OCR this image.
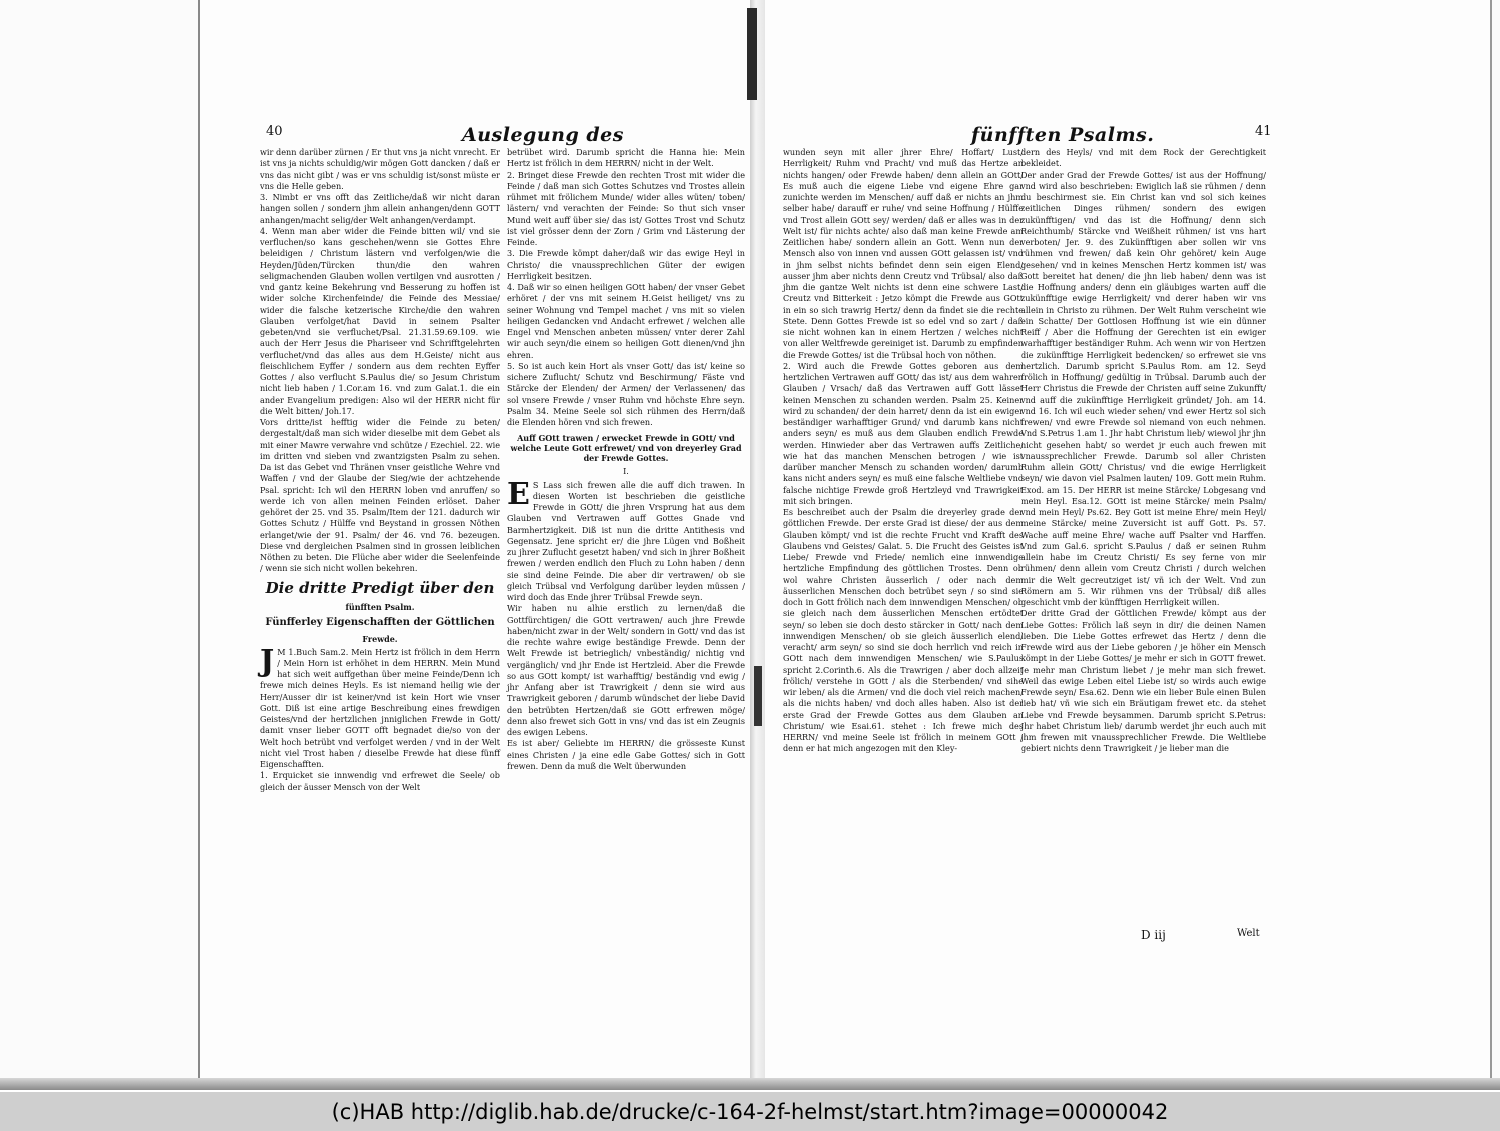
40	Auslegung des

wir denn darüber zürnen / Er thut vns ja nicht vnrecht. Er ist vns ja nichts schuldig/wir mögen Gott dancken / daß er vns das nicht gibt / was er vns schuldig ist/sonst müste er vns die Helle geben.

3. Nimbt er vns offt das Zeitliche/daß wir nicht daran hangen sollen / sondern jhm allein anhangen/denn GOTT anhangen/macht selig/der Welt anhangen/verdampt.

4. Wenn man aber wider die Feinde bitten wil/ vnd sie verfluchen/so kans geschehen/wenn sie Gottes Ehre beleidigen / Christum lästern vnd verfolgen/wie die Heyden/Jüden/Türcken thun/die den wahren seligmachenden Glauben wollen vertilgen vnd ausrotten / vnd gantz keine Bekehrung vnd Besserung zu hoffen ist wider solche Kirchenfeinde/ die Feinde des Messiae/ wider die falsche ketzerische Kirche/die den wahren Glauben verfolget/hat David in seinem Psalter gebeten/vnd sie verfluchet/Psal. 21.31.59.69.109. wie auch der Herr Jesus die Phariseer vnd Schrifftgelehrten verfluchet/vnd das alles aus dem H.Geiste/ nicht aus fleischlichem Eyffer / sondern aus dem rechten Eyffer Gottes / also verflucht S.Paulus die/ so Jesum Christum nicht lieb haben / 1.Cor.am 16. vnd zum Galat.1. die ein ander Evangelium predigen: Also wil der HERR nicht für die Welt bitten/ Joh.17.

Vors dritte/ist hefftig wider die Feinde zu beten/ dergestalt/daß man sich wider dieselbe mit dem Gebet als mit einer Mawre verwahre vnd schütze / Ezechiel. 22. wie im dritten vnd sieben vnd zwantzigsten Psalm zu sehen. Da ist das Gebet vnd Thränen vnser geistliche Wehre vnd Waffen / vnd der Glaube der Sieg/wie der achtzehende Psal. spricht: Ich wil den HERRN loben vnd anruffen/ so werde ich von allen meinen Feinden erlöset. Daher gehöret der 25. vnd 35. Psalm/Item der 121. dadurch wir Gottes Schutz / Hülffe vnd Beystand in grossen Nöthen erlanget/wie der 91. Psalm/ der 46. vnd 76. bezeugen. Diese vnd dergleichen Psalmen sind in grossen leiblichen Nöthen zu beten. Die Flüche aber wider die Seelenfeinde / wenn sie sich nicht wollen bekehren.

Die dritte Predigt über den
fünfften Psalm.
Fünfferley Eigenschafften der Göttlichen
Frewde.
J M 1.Buch Sam.2. Mein Hertz ist frölich in dem Herrn / Mein Horn ist erhöhet in dem HERRN. Mein Mund hat sich weit auffgethan über meine Feinde/Denn ich frewe mich deines Heyls. Es ist niemand heilig wie der Herr/Ausser dir ist keiner/vnd ist kein Hort wie vnser Gott. Diß ist eine artige Beschreibung eines frewdigen Geistes/vnd der hertzlichen jnniglichen Frewde in Gott/ damit vnser lieber GOTT offt begnadet die/so von der Welt hoch betrübt vnd verfolget werden / vnd in der Welt nicht viel Trost haben / dieselbe Frewde hat diese fünff Eigenschafften.

1. Erquicket sie innwendig vnd erfrewet die Seele/ ob gleich der äusser Mensch von der Welt

betrübet wird. Darumb spricht die Hanna hie: Mein Hertz ist frölich in dem HERRN/ nicht in der Welt.

2. Bringet diese Frewde den rechten Trost mit wider die Feinde / daß man sich Gottes Schutzes vnd Trostes allein rühmet mit frölichem Munde/ wider alles wüten/ toben/ lästern/ vnd verachten der Feinde: So thut sich vnser Mund weit auff über sie/ das ist/ Gottes Trost vnd Schutz ist viel grösser denn der Zorn / Grim vnd Lästerung der Feinde.

3. Die Frewde kömpt daher/daß wir das ewige Heyl in Christo/ die vnaussprechlichen Güter der ewigen Herrligkeit besitzen.

4. Daß wir so einen heiligen GOtt haben/ der vnser Gebet erhöret / der vns mit seinem H.Geist heiliget/ vns zu seiner Wohnung vnd Tempel machet / vns mit so vielen heiligen Gedancken vnd Andacht erfrewet / welchen alle Engel vnd Menschen anbeten müssen/ vnter derer Zahl wir auch seyn/die einem so heiligen Gott dienen/vnd jhn ehren.

5. So ist auch kein Hort als vnser Gott/ das ist/ keine so sichere Zuflucht/ Schutz vnd Beschirmung/ Fäste vnd Stärcke der Elenden/ der Armen/ der Verlassenen/ das sol vnsere Frewde / vnser Ruhm vnd höchste Ehre seyn. Psalm 34. Meine Seele sol sich rühmen des Herrn/daß die Elenden hören vnd sich frewen.

Auff GOtt trawen / erwecket Frewde in GOtt/ vnd welche Leute Gott erfrewet/ vnd von dreyerley Grad der Frewde Gottes.
I.
E S Lass sich frewen alle die auff dich trawen. In diesen Worten ist beschrieben die geistliche Frewde in GOtt/ die jhren Vrsprung hat aus dem Glauben vnd Vertrawen auff Gottes Gnade vnd Barmhertzigkeit. Diß ist nun die dritte Antithesis vnd Gegensatz. Jene spricht er/ die jhre Lügen vnd Boßheit zu jhrer Zuflucht gesetzt haben/ vnd sich in jhrer Boßheit frewen / werden endlich den Fluch zu Lohn haben / denn sie sind deine Feinde. Die aber dir vertrawen/ ob sie gleich Trübsal vnd Verfolgung darüber leyden müssen / wird doch das Ende jhrer Trübsal Frewde seyn.

Wir haben nu alhie erstlich zu lernen/daß die Gottfürchtigen/ die GOtt vertrawen/ auch jhre Frewde haben/nicht zwar in der Welt/ sondern in Gott/ vnd das ist die rechte wahre ewige beständige Frewde. Denn der Welt Frewde ist betrieglich/ vnbeständig/ nichtig vnd vergänglich/ vnd jhr Ende ist Hertzleid. Aber die Frewde so aus GOtt kompt/ ist warhafftig/ beständig vnd ewig / jhr Anfang aber ist Trawrigkeit / denn sie wird aus Trawrigkeit geboren / darumb wündschet der liebe David den betrübten Hertzen/daß sie GOtt erfrewen möge/ denn also frewet sich Gott in vns/ vnd das ist ein Zeugnis des ewigen Lebens.

Es ist aber/ Geliebte im HERRN/ die grösseste Kunst eines Christen / ja eine edle Gabe Gottes/ sich in Gott frewen. Denn da muß die Welt überwunden

fünfften Psalms.	41

wunden seyn mit aller jhrer Ehre/ Hoffart/ Lust/ Herrligkeit/ Ruhm vnd Pracht/ vnd muß das Hertze an nichts hangen/ oder Frewde haben/ denn allein an GOtt/ Es muß auch die eigene Liebe vnd eigene Ehre gar zunichte werden im Menschen/ auff daß er nichts an jhm selber habe/ darauff er ruhe/ vnd seine Hoffnung / Hülffe vnd Trost allein GOtt sey/ werden/ daß er alles was in der Welt ist/ für nichts achte/ also daß man keine Frewde am Zeitlichen habe/ sondern allein an Gott. Wenn nun der Mensch also von innen vnd aussen GOtt gelassen ist/ vnd in jhm selbst nichts befindet denn sein eigen Elend/ ausser jhm aber nichts denn Creutz vnd Trübsal/ also daß jhm die gantze Welt nichts ist denn eine schwere Last/ Creutz vnd Bitterkeit : Jetzo kömpt die Frewde aus GOtt in ein so sich trawrig Hertz/ denn da findet sie die rechte Stete. Denn Gottes Frewde ist so edel vnd so zart / daß sie nicht wohnen kan in einem Hertzen / welches nicht von aller Weltfrewde gereiniget ist. Darumb zu empfinden die Frewde Gottes/ ist die Trübsal hoch von nöthen.

2. Wird auch die Frewde Gottes geboren aus dem hertzlichen Vertrawen auff GOtt/ das ist/ aus dem wahren Glauben / Vrsach/ daß das Vertrawen auff Gott lässet keinen Menschen zu schanden werden. Psalm 25. Keiner wird zu schanden/ der dein harret/ denn da ist ein ewiger beständiger warhafftiger Grund/ vnd darumb kans nicht anders seyn/ es muß aus dem Glauben endlich Frewde werden. Hinwieder aber das Vertrawen auffs Zeitliche/ wie hat das manchen Menschen betrogen / wie ist darüber mancher Mensch zu schanden worden/ darumb kans nicht anders seyn/ es muß eine falsche Weltliebe vnd falsche nichtige Frewde groß Hertzleyd vnd Trawrigkeit mit sich bringen.

Es beschreibet auch der Psalm die dreyerley grade der göttlichen Frewde. Der erste Grad ist diese/ der aus dem Glauben kömpt/ vnd ist die rechte Frucht vnd Krafft des Glaubens vnd Geistes/ Galat. 5. Die Frucht des Geistes ist Liebe/ Frewde vnd Friede/ nemlich eine innwendige hertzliche Empfindung des göttlichen Trostes. Denn ob wol wahre Christen äusserlich / oder nach dem äusserlichen Menschen doch betrübet seyn / so sind sie doch in Gott frölich nach dem innwendigen Menschen/ ob sie gleich nach dem äusserlichen Menschen ertödtet seyn/ so leben sie doch desto stärcker in Gott/ nach dem innwendigen Menschen/ ob sie gleich äusserlich elend/ veracht/ arm seyn/ so sind sie doch herrlich vnd reich in GOtt nach dem innwendigen Menschen/ wie S.Paulus spricht 2.Corinth.6. Als die Trawrigen / aber doch allzeit frölich/ verstehe in GOtt / als die Sterbenden/ vnd sihe wir leben/ als die Armen/ vnd die doch viel reich machen/ als die nichts haben/ vnd doch alles haben. Also ist der erste Grad der Frewde Gottes aus dem Glauben an Christum/ wie Esai.61. stehet : Ich frewe mich des HERRN/ vnd meine Seele ist frölich in meinem GOtt / denn er hat mich angezogen mit den Kley-

dern des Heyls/ vnd mit dem Rock der Gerechtigkeit bekleidet.

Der ander Grad der Frewde Gottes/ ist aus der Hoffnung/ vnd wird also beschrieben: Ewiglich laß sie rühmen / denn du beschirmest sie. Ein Christ kan vnd sol sich keines zeitlichen Dinges rühmen/ sondern des ewigen zukünfftigen/ vnd das ist die Hoffnung/ denn sich Reichthumb/ Stärcke vnd Weißheit rühmen/ ist vns hart verboten/ Jer. 9. des Zukünfftigen aber sollen wir vns rühmen vnd frewen/ daß kein Ohr gehöret/ kein Auge gesehen/ vnd in keines Menschen Hertz kommen ist/ was Gott bereitet hat denen/ die jhn lieb haben/ denn was ist die Hoffnung anders/ denn ein gläubiges warten auff die zukünfftige ewige Herrligkeit/ vnd derer haben wir vns allein in Christo zu rühmen. Der Welt Ruhm verscheint wie ein Schatte/ Der Gottlosen Hoffnung ist wie ein dünner Reiff / Aber die Hoffnung der Gerechten ist ein ewiger warhafftiger beständiger Ruhm. Ach wenn wir von Hertzen die zukünfftige Herrligkeit bedencken/ so erfrewet sie vns hertzlich. Darumb spricht S.Paulus Rom. am 12. Seyd frölich in Hoffnung/ gedültig in Trübsal. Darumb auch der Herr Christus die Frewde der Christen auff seine Zukunfft/ vnd auff die zukünfftige Herrligkeit gründet/ Joh. am 14. vnd 16. Ich wil euch wieder sehen/ vnd ewer Hertz sol sich frewen/ vnd ewre Frewde sol niemand von euch nehmen. Vnd S.Petrus 1.am 1. Jhr habt Christum lieb/ wiewol jhr jhn nicht gesehen habt/ so werdet jr euch auch frewen mit vnaussprechlicher Frewde. Darumb sol aller Christen Ruhm allein GOtt/ Christus/ vnd die ewige Herrligkeit seyn/ wie davon viel Psalmen lauten/ 109. Gott mein Ruhm. Exod. am 15. Der HERR ist meine Stärcke/ Lobgesang vnd mein Heyl. Esa.12. GOtt ist meine Stärcke/ mein Psalm/ vnd mein Heyl/ Ps.62. Bey Gott ist meine Ehre/ mein Heyl/ meine Stärcke/ meine Zuversicht ist auff Gott. Ps. 57. Wache auff meine Ehre/ wache auff Psalter vnd Harffen. Vnd zum Gal.6. spricht S.Paulus / daß er seinen Ruhm allein habe im Creutz Christi/ Es sey ferne von mir rühmen/ denn allein vom Creutz Christi / durch welchen mir die Welt gecreutziget ist/ vñ ich der Welt. Vnd zun Römern am 5. Wir rühmen vns der Trübsal/ diß alles geschicht vmb der künfftigen Herrligkeit willen.

Der dritte Grad der Göttlichen Frewde/ kömpt aus der Liebe Gottes: Frölich laß seyn in dir/ die deinen Namen lieben. Die Liebe Gottes erfrewet das Hertz / denn die Frewde wird aus der Liebe geboren / je höher ein Mensch kömpt in der Liebe Gottes/ je mehr er sich in GOTT frewet. Je mehr man Christum liebet / je mehr man sich frewet. Weil das ewige Leben eitel Liebe ist/ so wirds auch ewige Frewde seyn/ Esa.62. Denn wie ein lieber Bule einen Bulen lieb hat/ vñ wie sich ein Bräutigam frewet etc. da stehet Liebe vnd Frewde beysammen. Darumb spricht S.Petrus: Jhr habet Christum lieb/ darumb werdet jhr euch auch mit jhm frewen mit vnaussprechlicher Frewde. Die Weltliebe gebiert nichts denn Trawrigkeit / je lieber man die

D iij	Welt
(c)HAB http://diglib.hab.de/drucke/c-164-2f-helmst/start.htm?image=00000042
